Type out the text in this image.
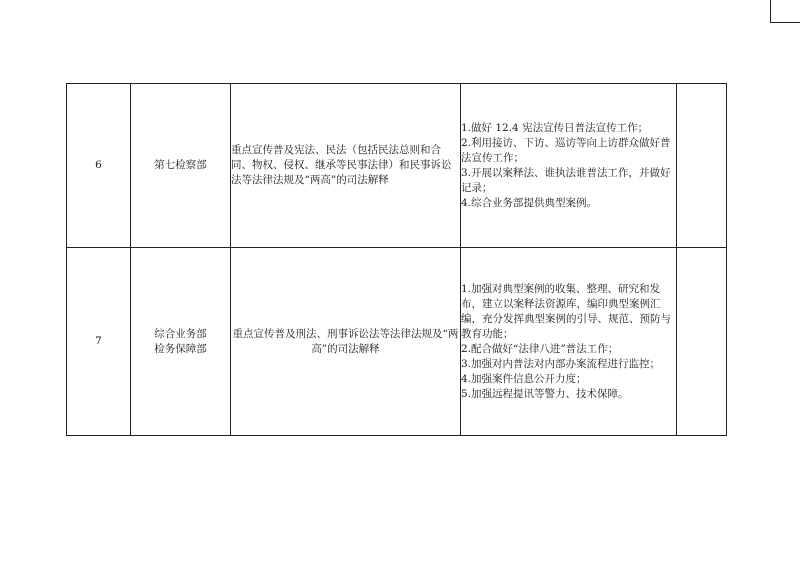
6	第七检察部	重点宣传普及宪法、民法（包括民法总则和合同、物权、侵权、继承等民事法律）和民事诉讼法等法律法规及“两高”的司法解释	1.做好 12.4 宪法宣传日普法宣传工作；
2.利用接访、下访、巡访等向上访群众做好普法宣传工作；
3.开展以案释法、谁执法谁普法工作，并做好记录；
4.综合业务部提供典型案例。	

7	综合业务部
检务保障部	重点宣传普及刑法、刑事诉讼法等法律法规及“两高”的司法解释	1.加强对典型案例的收集、整理、研究和发布，建立以案释法资源库，编印典型案例汇编，充分发挥典型案例的引导、规范、预防与教育功能；
2.配合做好“法律八进”普法工作；
3.加强对内普法对内部办案流程进行监控；
4.加强案件信息公开力度；
5.加强远程提讯等警力、技术保障。	
